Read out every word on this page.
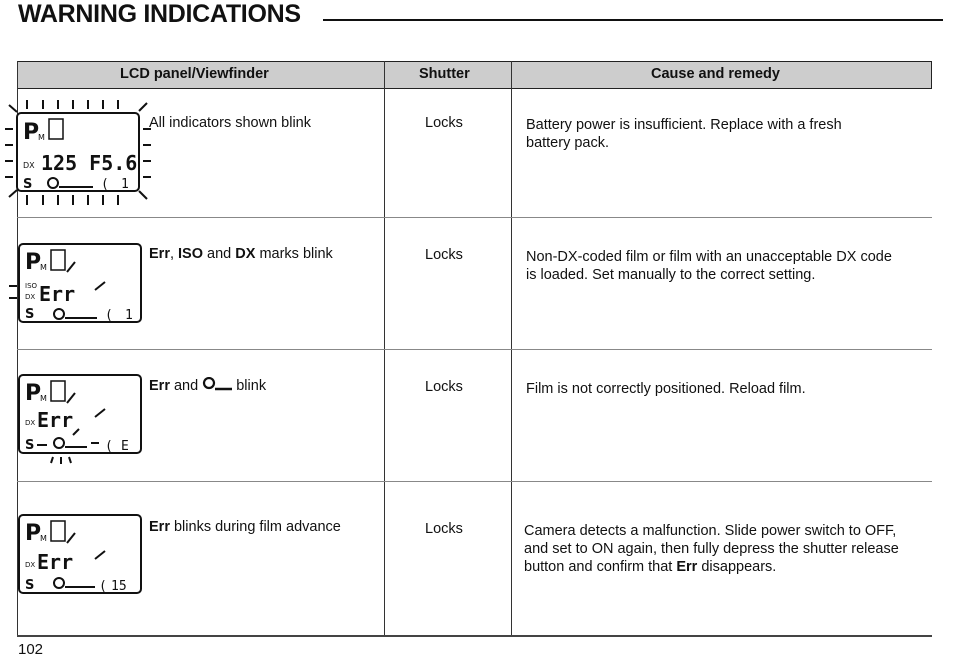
WARNING INDICATIONS
LCD panel/Viewfinder	Shutter	Cause and remedy
P
M
DX 125 F5.6
S	( 1
All indicators shown blink	Locks	Battery power is insufficient. Replace with a fresh battery pack.
P
M
ISO
DX Err
S	( 1
Err, ISO and DX marks blink	Locks	Non-DX-coded film or film with an unacceptable DX code is loaded. Set manually to the correct setting.
P
M
DX Err
S	( E
Err and  blink	Locks	Film is not correctly positioned. Reload film.
P
M
DX Err
S	( 15
Err blinks during film advance	Locks	Camera detects a malfunction. Slide power switch to OFF, and set to ON again, then fully depress the shutter release button and confirm that Err disappears.
102
